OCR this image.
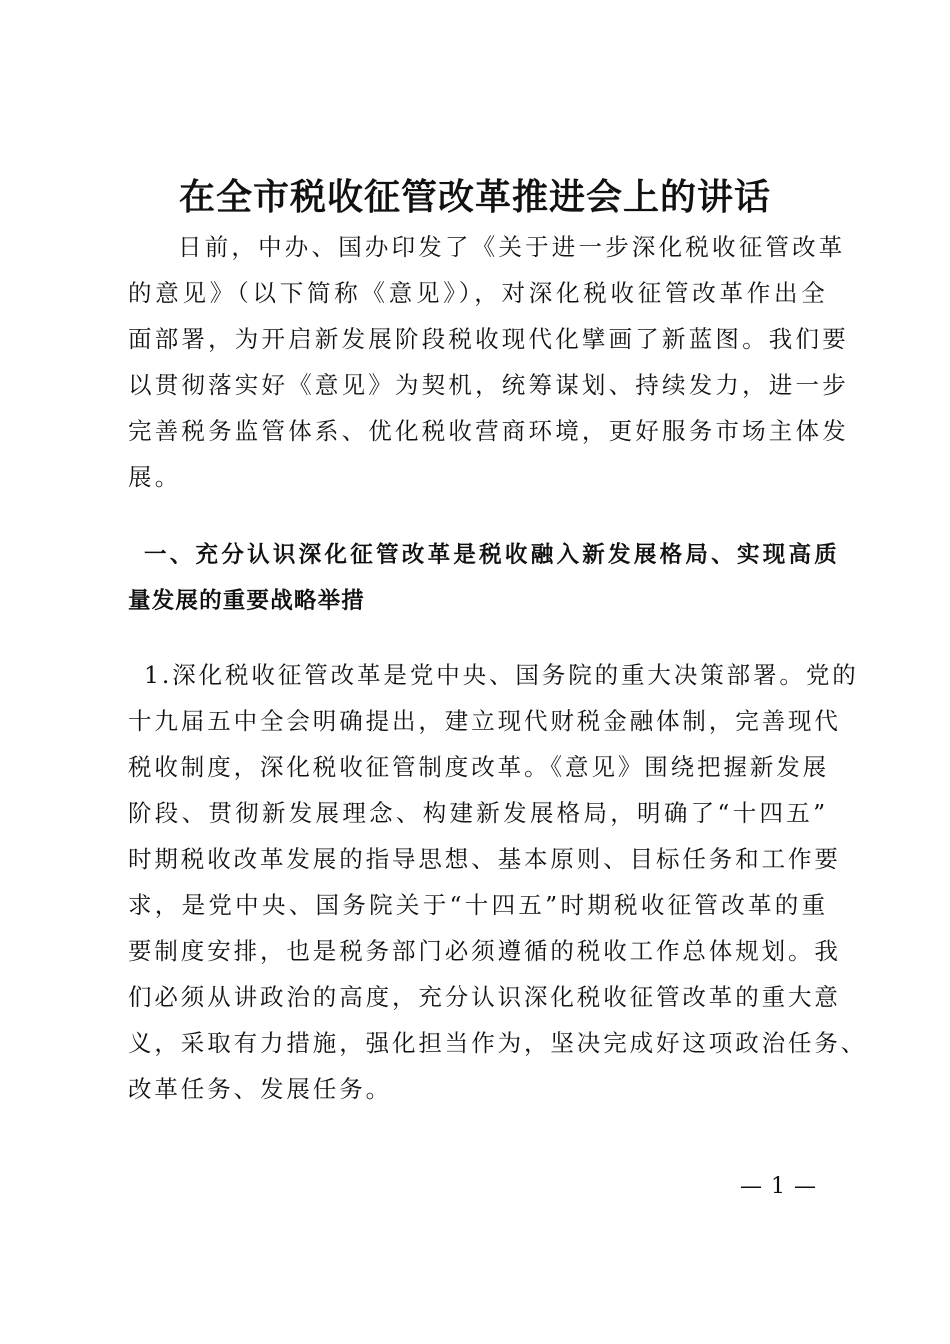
在全市税收征管改革推进会上的讲话
日前，中办、国办印发了《关于进一步深化税收征管改革
的意见》（以下简称《意见》），对深化税收征管改革作出全
面部署，为开启新发展阶段税收现代化擘画了新蓝图。我们要
以贯彻落实好《意见》为契机，统筹谋划、持续发力，进一步
完善税务监管体系、优化税收营商环境，更好服务市场主体发
展。
一、充分认识深化征管改革是税收融入新发展格局、实现高质
量发展的重要战略举措
1.深化税收征管改革是党中央、国务院的重大决策部署。党的
十九届五中全会明确提出，建立现代财税金融体制，完善现代
税收制度，深化税收征管制度改革。《意见》围绕把握新发展
阶段、贯彻新发展理念、构建新发展格局，明确了“十四五”
时期税收改革发展的指导思想、基本原则、目标任务和工作要
求，是党中央、国务院关于“十四五”时期税收征管改革的重
要制度安排，也是税务部门必须遵循的税收工作总体规划。我
们必须从讲政治的高度，充分认识深化税收征管改革的重大意
义，采取有力措施，强化担当作为，坚决完成好这项政治任务、
改革任务、发展任务。
— 1 —
